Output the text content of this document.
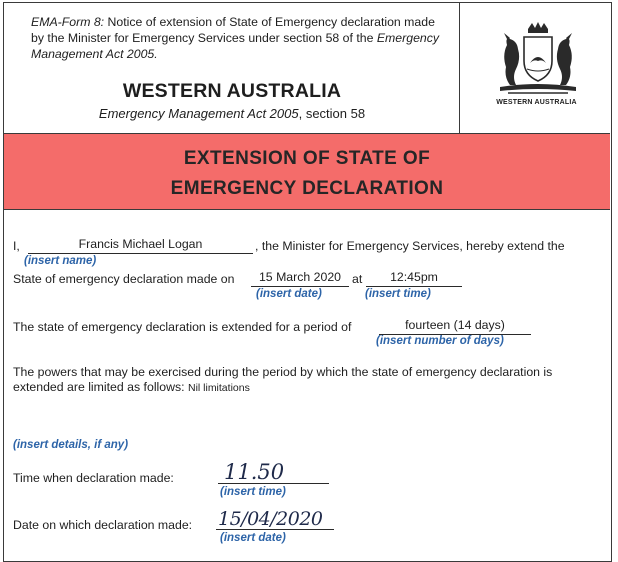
EMA-Form 8: Notice of extension of State of Emergency declaration made by the Minister for Emergency Services under section 58 of the Emergency Management Act 2005.
WESTERN AUSTRALIA
Emergency Management Act 2005, section 58
WESTERN AUSTRALIA
EXTENSION OF STATE OF
EMERGENCY DECLARATION
I,	Francis Michael Logan	, the Minister for Emergency Services, hereby extend the
(insert name)
State of emergency declaration made on	15 March 2020 at	12:45pm
(insert date)	(insert time)
The state of emergency declaration is extended for a period of	fourteen (14 days)
(insert number of days)
The powers that may be exercised during the period by which the state of emergency declaration is
extended are limited as follows: Nil limitations
(insert details, if any)
Time when declaration made: 11.50
(insert time)
Date on which declaration made: 15/04/2020
(insert date)
